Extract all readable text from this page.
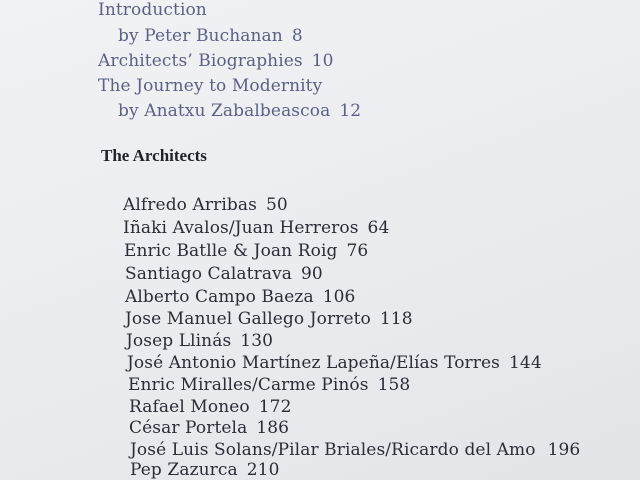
Introduction
by Peter Buchanan 8
Architects’ Biographies 10
The Journey to Modernity
by Anatxu Zabalbeascoa 12
The Architects
Alfredo Arribas 50
Iñaki Avalos/Juan Herreros 64
Enric Batlle & Joan Roig 76
Santiago Calatrava 90
Alberto Campo Baeza 106
Jose Manuel Gallego Jorreto 118
Josep Llinás 130
José Antonio Martínez Lapeña/Elías Torres 144
Enric Miralles/Carme Pinós 158
Rafael Moneo 172
César Portela 186
José Luis Solans/Pilar Briales/Ricardo del Amo 196
Pep Zazurca 210
